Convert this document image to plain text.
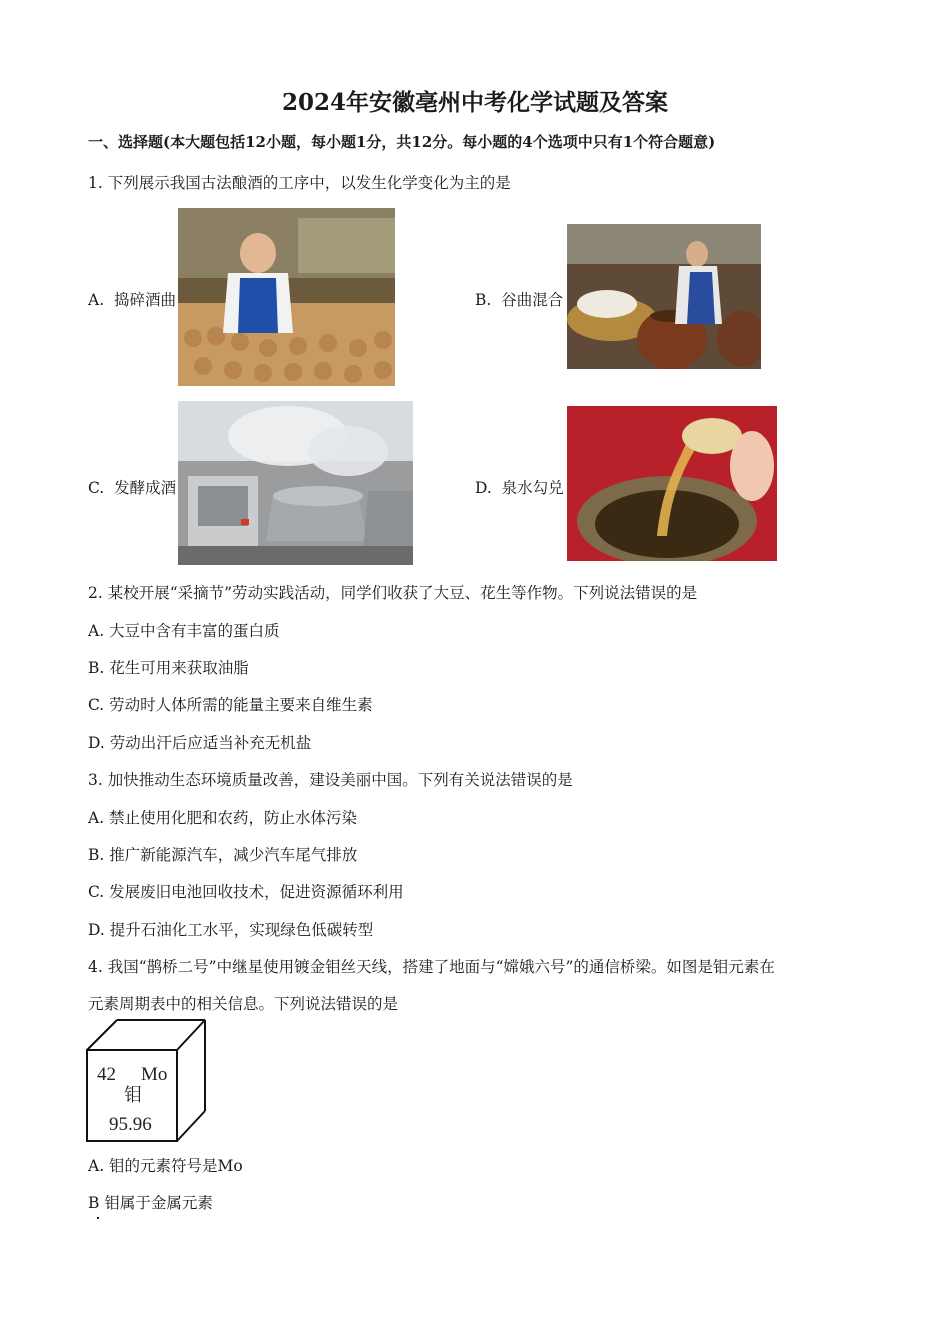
2024年安徽亳州中考化学试题及答案
一、选择题(本大题包括12小题，每小题1分，共12分。每小题的4个选项中只有1个符合题意)
1. 下列展示我国古法酿酒的工序中，以发生化学变化为主的是
A. 捣碎酒曲	B. 谷曲混合
C. 发酵成酒	D. 泉水勾兑
2. 某校开展“采摘节”劳动实践活动，同学们收获了大豆、花生等作物。下列说法错误的是
A. 大豆中含有丰富的蛋白质
B. 花生可用来获取油脂
C. 劳动时人体所需的能量主要来自维生素
D. 劳动出汗后应适当补充无机盐
3. 加快推动生态环境质量改善，建设美丽中国。下列有关说法错误的是
A. 禁止使用化肥和农药，防止水体污染
B. 推广新能源汽车，减少汽车尾气排放
C. 发展废旧电池回收技术，促进资源循环利用
D. 提升石油化工水平，实现绿色低碳转型
4. 我国“鹊桥二号”中继星使用镀金钼丝天线，搭建了地面与“嫦娥六号”的通信桥梁。如图是钼元素在
元素周期表中的相关信息。下列说法错误的是
42 Mo
钼
95.96
A. 钼的元素符号是Mo
B 钼属于金属元素
